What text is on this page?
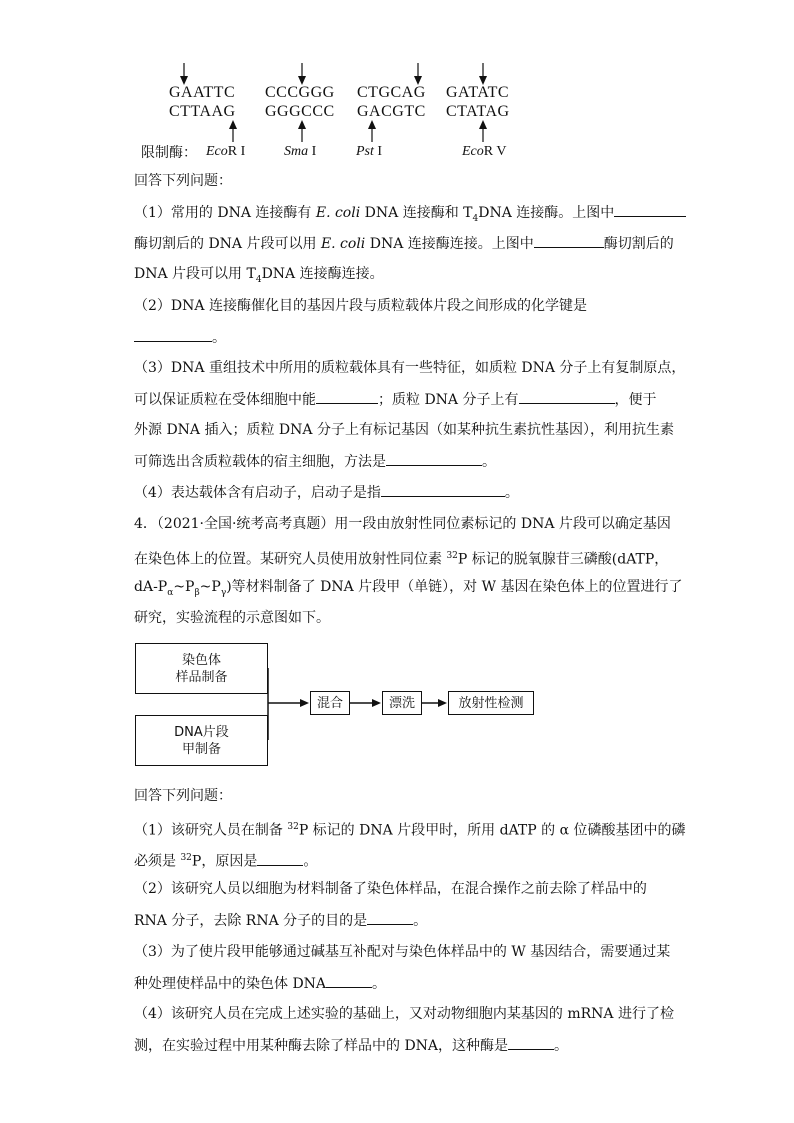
GAATTC
CTTAAG
CCCGGG
GGGCCC
CTGCAG
GACGTC
GATATC
CTATAG
限制酶： EcoR I	Sma I	Pst I	EcoR V
回答下列问题：
（1）常用的 DNA 连接酶有 E. coli DNA 连接酶和 $T_4DNA$ 连接酶。上图中
酶切割后的 DNA 片段可以用 E. coli DNA 连接酶连接。上图中	酶切割后的
DNA 片段可以用 $T_4DNA$ 连接酶连接。
（2）DNA 连接酶催化目的基因片段与质粒载体片段之间形成的化学键是
。
（3）DNA 重组技术中所用的质粒载体具有一些特征，如质粒 DNA 分子上有复制原点，
可以保证质粒在受体细胞中能	；质粒 DNA 分子上有	，便于
外源 DNA 插入；质粒 DNA 分子上有标记基因（如某种抗生素抗性基因），利用抗生素
可筛选出含质粒载体的宿主细胞，方法是	。
（4）表达载体含有启动子，启动子是指	。
4．（2021·全国·统考高考真题）用一段由放射性同位素标记的 DNA 片段可以确定基因
在染色体上的位置。某研究人员使用放射性同位素 $^{32}$P 标记的脱氧腺苷三磷酸(dATP，
$dA-P_\alpha\sim P_\beta\sim P_\gamma$)等材料制备了 DNA 片段甲（单链），对 W 基因在染色体上的位置进行了
研究，实验流程的示意图如下。
染色体
样品制备
DNA片段
甲制备
混合	漂洗	放射性检测
回答下列问题：
（1）该研究人员在制备 $^{32}$P 标记的 DNA 片段甲时，所用 dATP 的 α 位磷酸基团中的磷
必须是 $^{32}$P，原因是	。
（2）该研究人员以细胞为材料制备了染色体样品，在混合操作之前去除了样品中的
RNA 分子，去除 RNA 分子的目的是	。
（3）为了使片段甲能够通过碱基互补配对与染色体样品中的 W 基因结合，需要通过某
种处理使样品中的染色体 DNA	。
（4）该研究人员在完成上述实验的基础上，又对动物细胞内某基因的 mRNA 进行了检
测，在实验过程中用某种酶去除了样品中的 DNA，这种酶是	。
